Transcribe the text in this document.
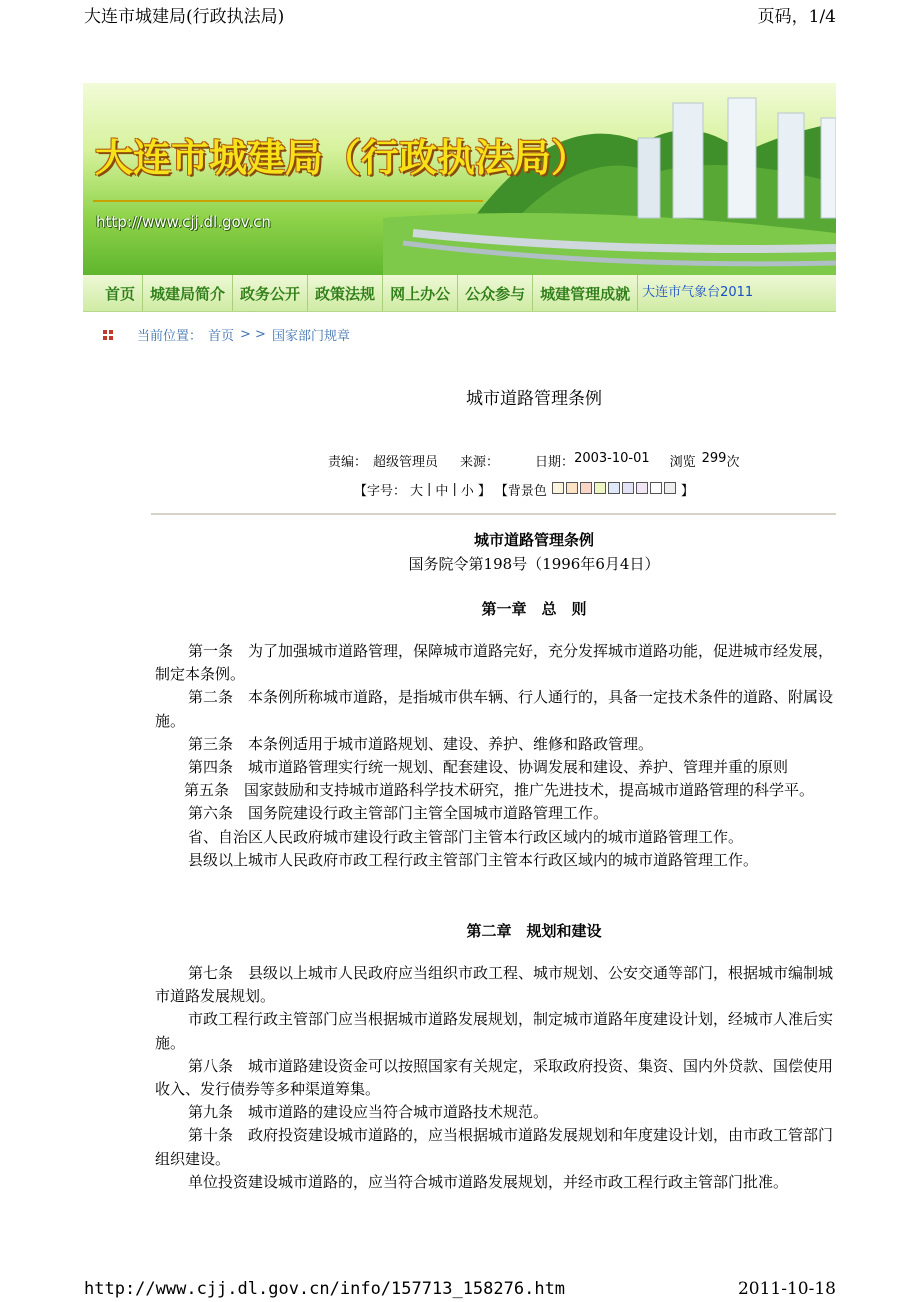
大连市城建局(行政执法局)	页码，1/4
大连市城建局（行政执法局）
http://www.cjj.dl.gov.cn
首页	城建局简介	政务公开	政策法规	网上办公	公众参与	城建管理成就 大连市气象台2011
当前位置： 首页 > > 国家部门规章
城市道路管理条例
责编： 超级管理员 来源：	日期： 2003-10-01 浏览 299 次
【字号： 大 | 中 | 小 】 【背景色	】
城市道路管理条例
国务院令第198号（1996年6月4日）
第一章　总　则

第一条　为了加强城市道路管理，保障城市道路完好，充分发挥城市道路功能，促进城市经发展，制定本条例。

第二条　本条例所称城市道路，是指城市供车辆、行人通行的，具备一定技术条件的道路、附属设施。

第三条　本条例适用于城市道路规划、建设、养护、维修和路政管理。

第四条　城市道路管理实行统一规划、配套建设、协调发展和建设、养护、管理并重的原则

第五条　国家鼓励和支持城市道路科学技术研究，推广先进技术，提高城市道路管理的科学平。

第六条　国务院建设行政主管部门主管全国城市道路管理工作。

省、自治区人民政府城市建设行政主管部门主管本行政区域内的城市道路管理工作。

县级以上城市人民政府市政工程行政主管部门主管本行政区域内的城市道路管理工作。

第二章　规划和建设

第七条　县级以上城市人民政府应当组织市政工程、城市规划、公安交通等部门，根据城市编制城市道路发展规划。

市政工程行政主管部门应当根据城市道路发展规划，制定城市道路年度建设计划，经城市人准后实施。

第八条　城市道路建设资金可以按照国家有关规定，采取政府投资、集资、国内外贷款、国偿使用收入、发行债券等多种渠道筹集。

第九条　城市道路的建设应当符合城市道路技术规范。

第十条　政府投资建设城市道路的，应当根据城市道路发展规划和年度建设计划，由市政工管部门组织建设。

单位投资建设城市道路的，应当符合城市道路发展规划，并经市政工程行政主管部门批准。

http://www.cjj.dl.gov.cn/info/157713_158276.htm	2011-10-18
